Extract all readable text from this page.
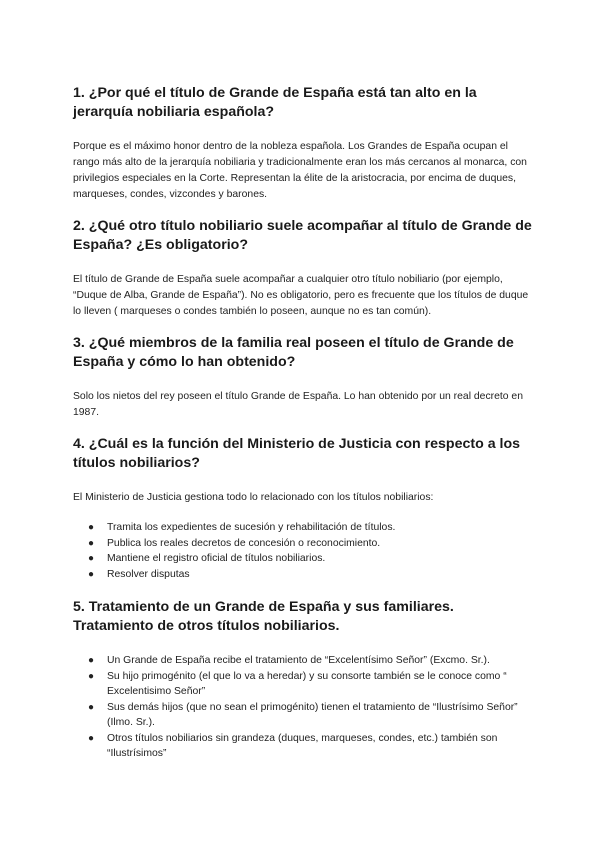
1. ¿Por qué el título de Grande de España está tan alto en la jerarquía nobiliaria española?

Porque es el máximo honor dentro de la nobleza española. Los Grandes de España ocupan el rango más alto de la jerarquía nobiliaria y tradicionalmente eran los más cercanos al monarca, con privilegios especiales en la Corte. Representan la élite de la aristocracia, por encima de duques, marqueses, condes, vizcondes y barones.

2. ¿Qué otro título nobiliario suele acompañar al título de Grande de España? ¿Es obligatorio?

El título de Grande de España suele acompañar a cualquier otro título nobiliario (por ejemplo, “Duque de Alba, Grande de España”). No es obligatorio, pero es frecuente que los títulos de duque lo lleven ( marqueses o condes también lo poseen, aunque no es tan común).

3. ¿Qué miembros de la familia real poseen el título de Grande de España y cómo lo han obtenido?

Solo los nietos del rey poseen el título Grande de España. Lo han obtenido por un real decreto en 1987.

4. ¿Cuál es la función del Ministerio de Justicia con respecto a los títulos nobiliarios?

El Ministerio de Justicia gestiona todo lo relacionado con los títulos nobiliarios:

● Tramita los expedientes de sucesión y rehabilitación de títulos.
● Publica los reales decretos de concesión o reconocimiento.
● Mantiene el registro oficial de títulos nobiliarios.
● Resolver disputas
5. Tratamiento de un Grande de España y sus familiares. Tratamiento de otros títulos nobiliarios.
● Un Grande de España recibe el tratamiento de “Excelentísimo Señor” (Excmo. Sr.).
● Su hijo primogénito (el que lo va a heredar) y su consorte también se le conoce como “ Excelentisimo Señor”
● Sus demás hijos (que no sean el primogénito) tienen el tratamiento de “Ilustrísimo Señor” (Ilmo. Sr.).
● Otros títulos nobiliarios sin grandeza (duques, marqueses, condes, etc.) también son “Ilustrísimos”
